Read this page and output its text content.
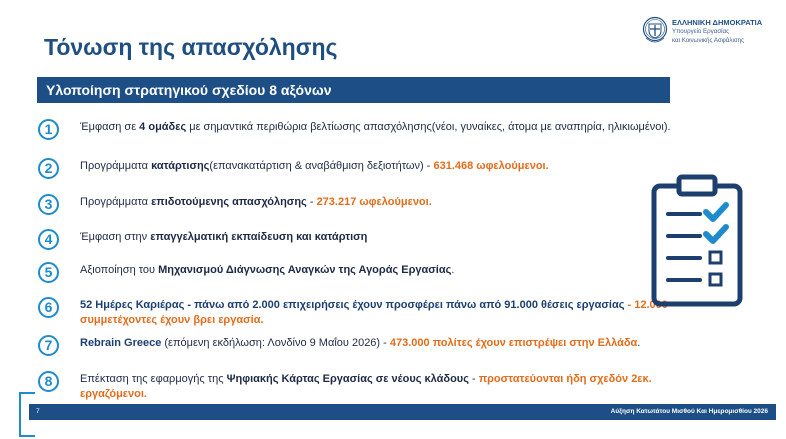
Τόνωση της απασχόλησης
ΕΛΛΗΝΙΚΗ ΔΗΜΟΚΡΑΤΙΑ
Υπουργείο Εργασίας
και Κοινωνικής Ασφάλισης
Υλοποίηση στρατηγικού σχεδίου 8 αξόνων
1	Έμφαση σε 4 ομάδες με σημαντικά περιθώρια βελτίωσης απασχόλησης(νέοι, γυναίκες, άτομα με αναπηρία, ηλικιωμένοι).
2	Προγράμματα κατάρτισης(επανακατάρτιση & αναβάθμιση δεξιοτήτων) - 631.468 ωφελούμενοι.
3	Προγράμματα επιδοτούμενης απασχόλησης - 273.217 ωφελούμενοι.
4	Έμφαση στην επαγγελματική εκπαίδευση και κατάρτιση
5	Αξιοποίηση του Μηχανισμού Διάγνωσης Αναγκών της Αγοράς Εργασίας.
6	52 Ημέρες Καριέρας - πάνω από 2.000 επιχειρήσεις έχουν προσφέρει πάνω από 91.000 θέσεις εργασίας - 12.000 συμμετέχοντες έχουν βρει εργασία.
7	Rebrain Greece (επόμενη εκδήλωση: Λονδίνο 9 Μαΐου 2026) - 473.000 πολίτες έχουν επιστρέψει στην Ελλάδα.
8	Επέκταση της εφαρμογής της Ψηφιακής Κάρτας Εργασίας σε νέους κλάδους - προστατεύονται ήδη σχεδόν 2εκ. εργαζόμενοι.
7	Αύξηση Κατωτάτου Μισθού Και Ημερομισθίου 2026
